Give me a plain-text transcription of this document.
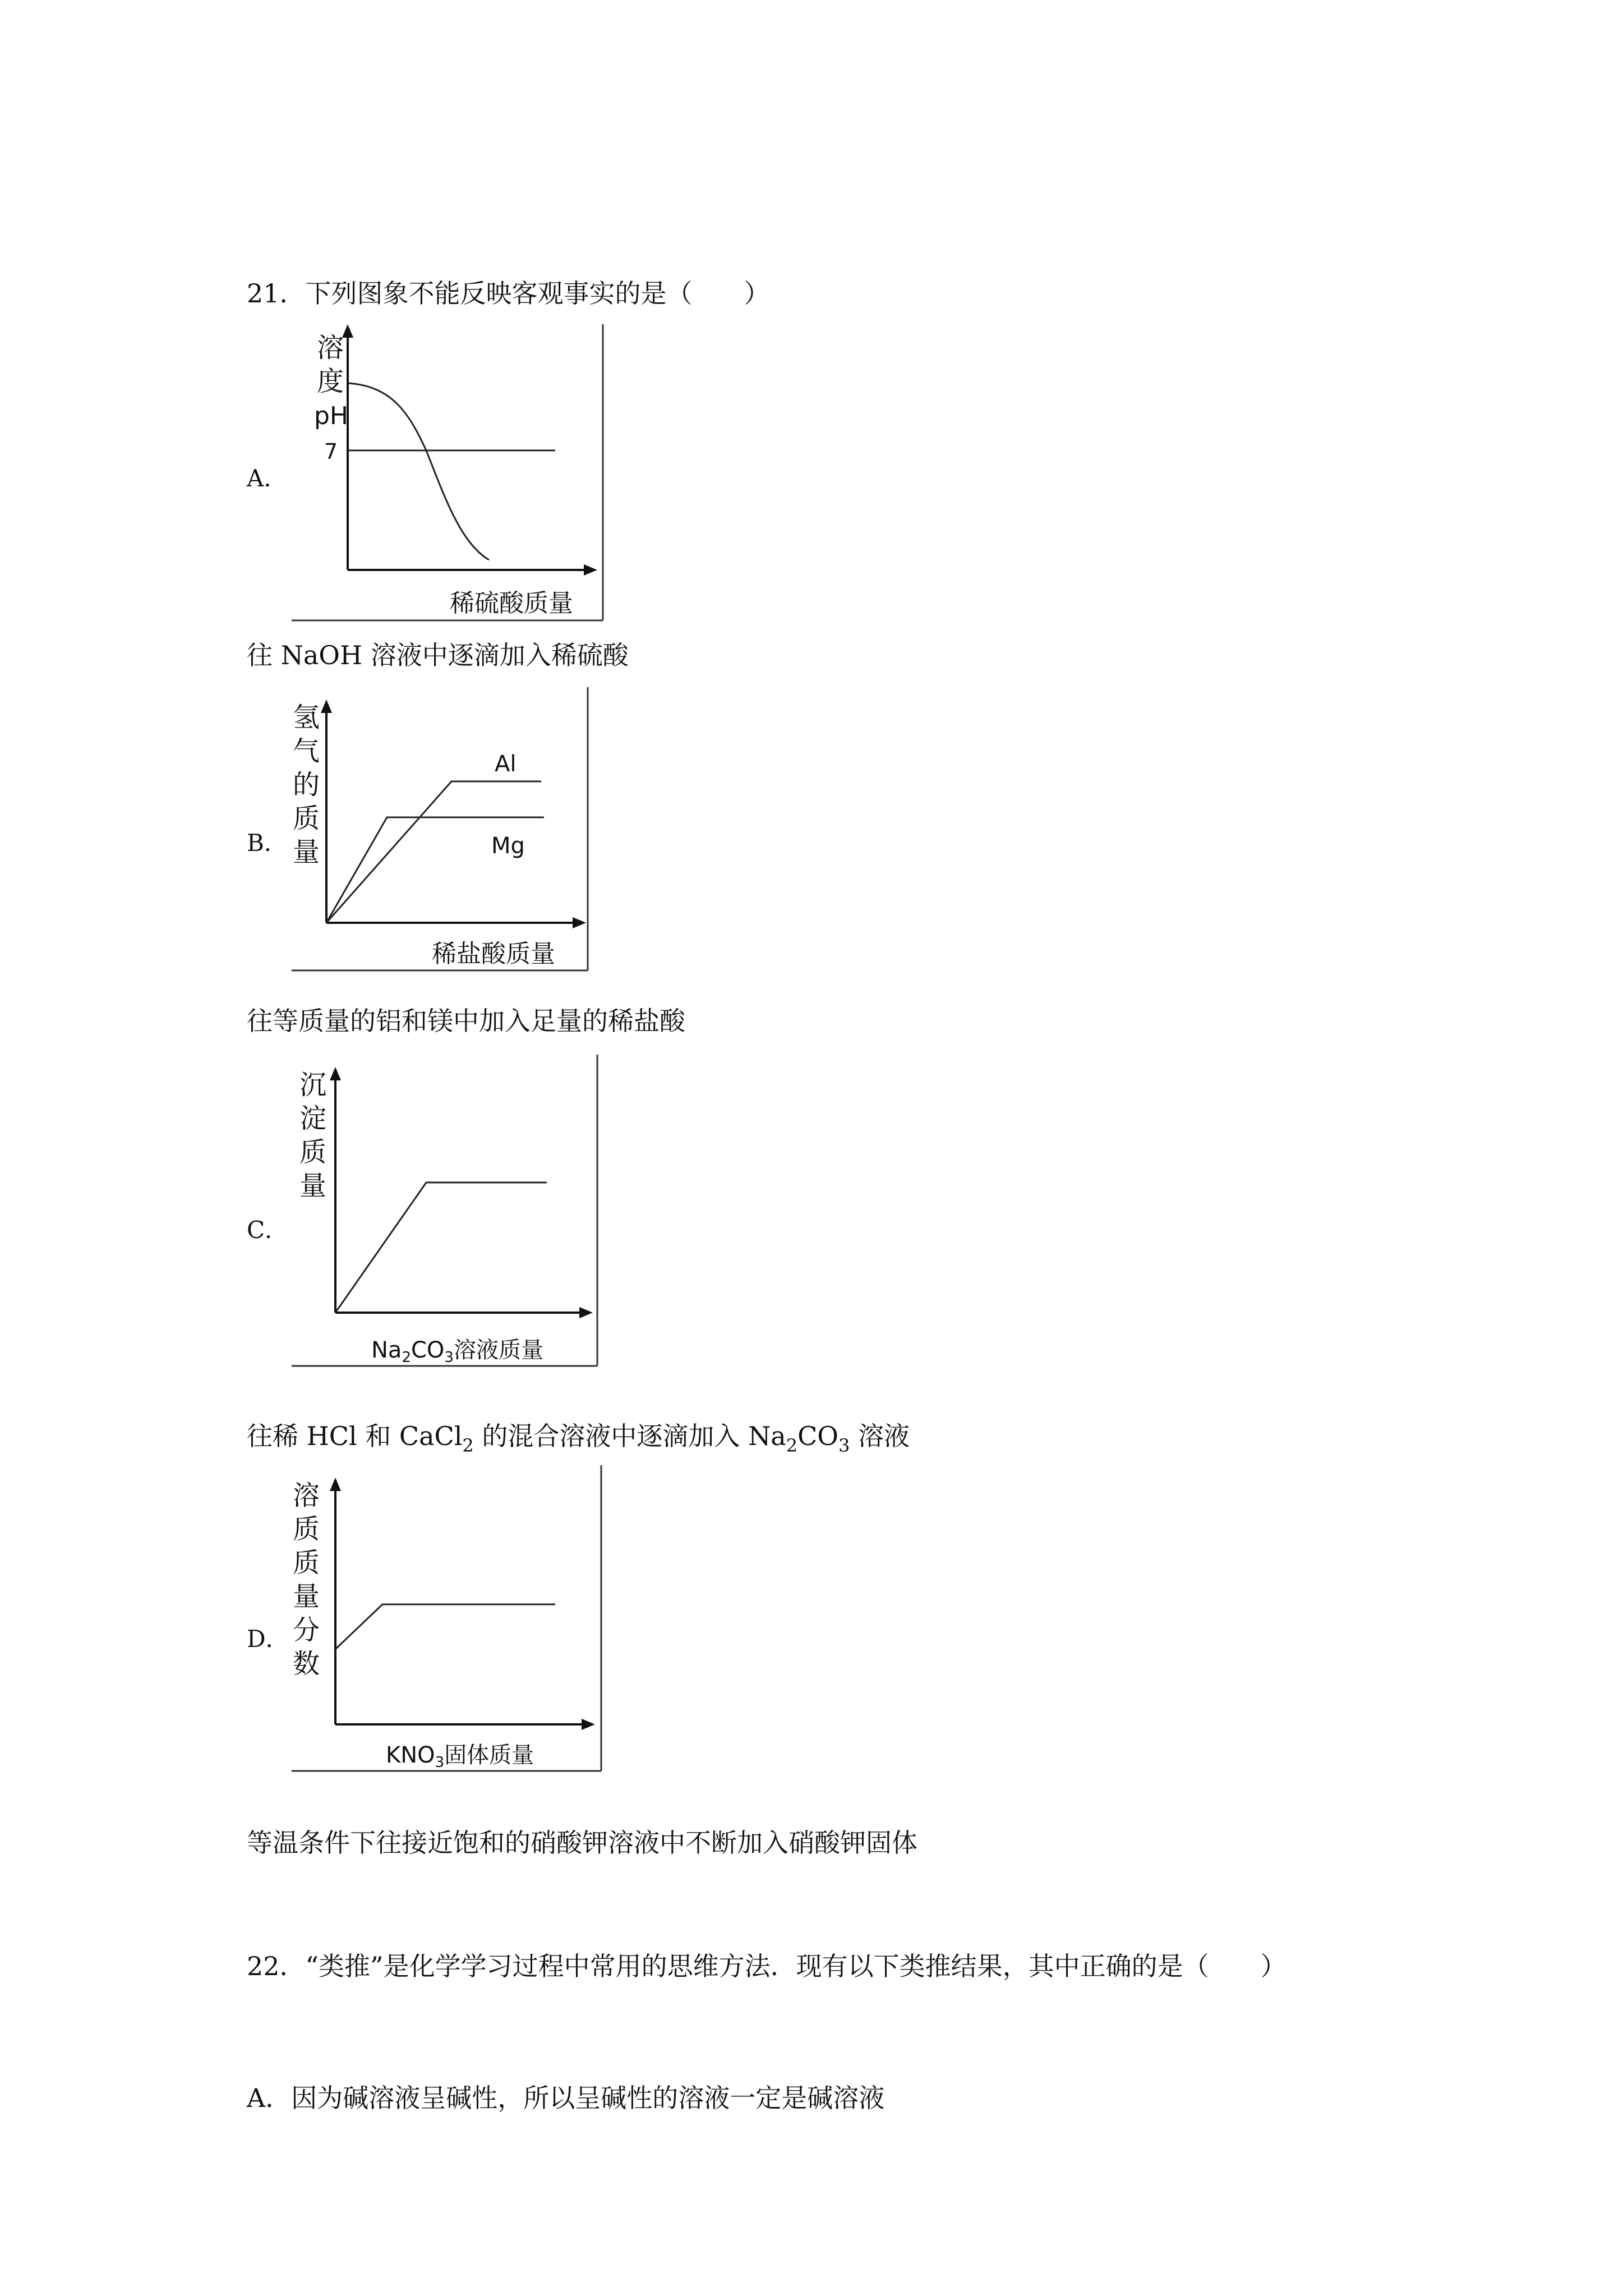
21．下列图象不能反映客观事实的是（　　）
A．
溶
度
pH
7
稀硫酸质量
往 NaOH 溶液中逐滴加入稀硫酸
B．
Al
Mg
氢
气
的
质
量
稀盐酸质量
往等质量的铝和镁中加入足量的稀盐酸
C．
沉
淀
质
量
$Na_2CO_3$溶液质量
往稀 HCl 和 CaCl$_2$ 的混合溶液中逐滴加入 $Na_2CO_3$ 溶液
D．
溶
质
质
量
分
数
$KNO_3$固体质量
等温条件下往接近饱和的硝酸钾溶液中不断加入硝酸钾固体
22．“类推”是化学学习过程中常用的思维方法．现有以下类推结果，其中正确的是（　　）
A．因为碱溶液呈碱性，所以呈碱性的溶液一定是碱溶液
